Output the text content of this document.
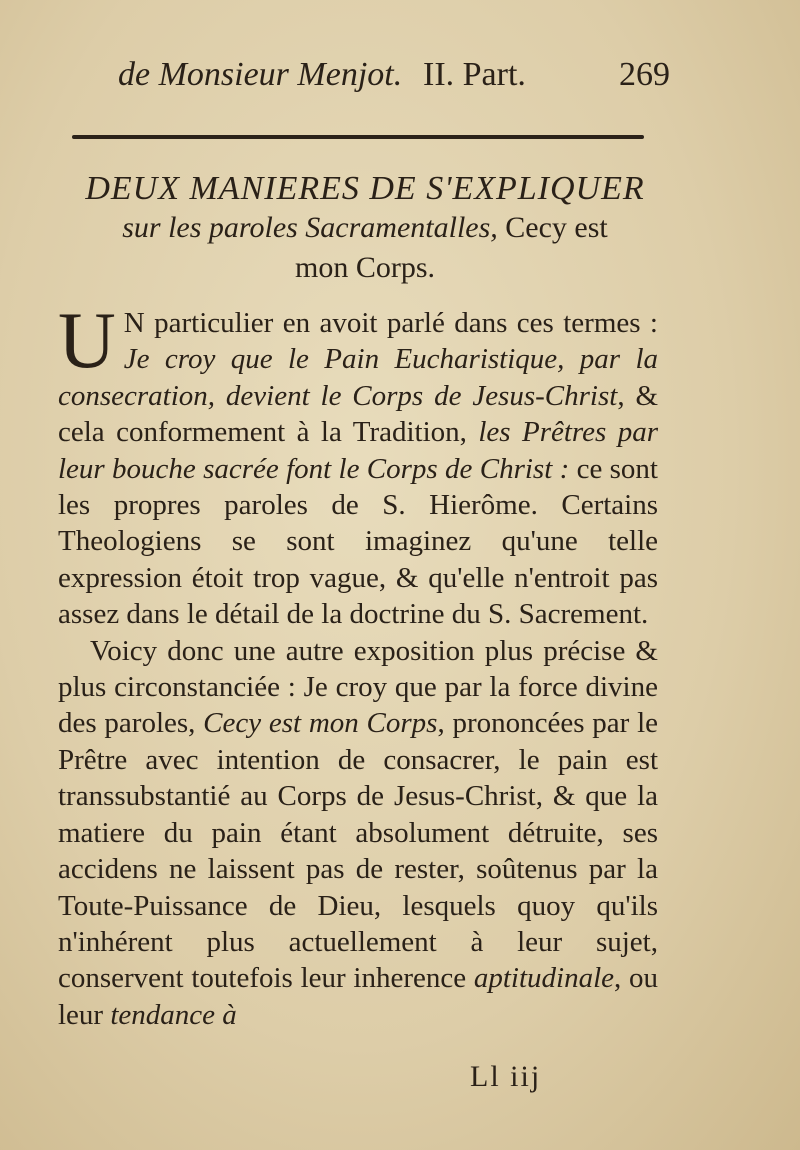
de Monsieur Menjot. II. Part.	269
DEUX MANIERES DE S'EXPLIQUER
sur les paroles Sacramentalles, Cecy est
mon Corps.

U N particulier en avoit parlé dans ces termes : Je croy que le Pain Eucharistique, par la consecration, devient le Corps de Jesus-Christ, & cela conformement à la Tradition, les Prêtres par leur bouche sacrée font le Corps de Christ : ce sont les propres paroles de S. Hierôme. Certains Theologiens se sont imaginez qu'une telle expression étoit trop vague, & qu'elle n'entroit pas assez dans le détail de la doctrine du S. Sacrement.

Voicy donc une autre exposition plus précise & plus circonstanciée : Je croy que par la force divine des paroles, Cecy est mon Corps, prononcées par le Prêtre avec intention de consacrer, le pain est transsubstantié au Corps de Jesus-Christ, & que la matiere du pain étant absolument détruite, ses accidens ne laissent pas de rester, soûtenus par la Toute-Puissance de Dieu, lesquels quoy qu'ils n'inhérent plus actuellement à leur sujet, conservent toutefois leur inherence aptitudinale, ou leur tendance à

Ll iij
